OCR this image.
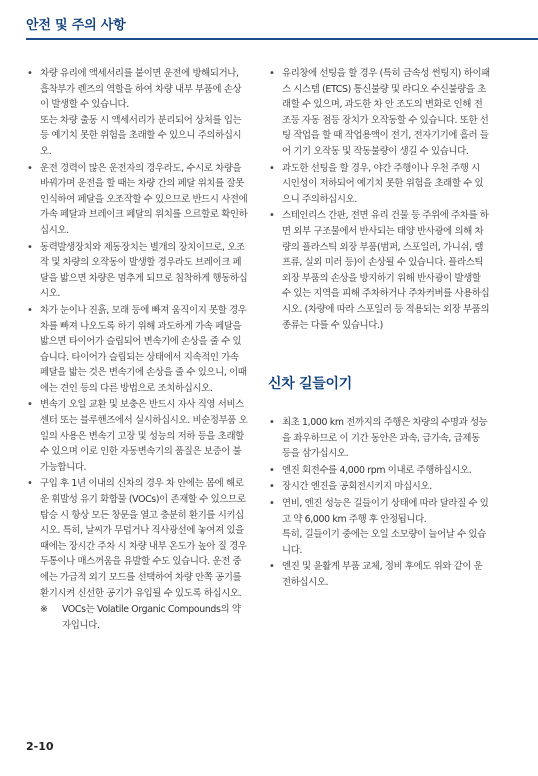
안전 및 주의 사항
• 차량 유리에 액세서리를 붙이면 운전에 방해되거나, 흡착부가 렌즈의 역할을 하여 차량 내부 부품에 손상이 발생할 수 있습니다.

또는 차량 출동 시 액세서리가 분리되어 상처를 입는 등 예기치 못한 위험을 초래할 수 있으니 주의하십시오.

• 운전 경력이 많은 운전자의 경우라도, 수시로 차량을 바꿔가며 운전을 할 때는 차량 간의 페달 위치를 잘못 인식하여 페달을 오조작할 수 있으므로 반드시 사전에 가속 페달과 브레이크 페달의 위치를 으르할로 확인하십시오.

• 동력발생장치와 제동장치는 별개의 장치이므로, 오조작 및 차량의 오작동이 발생할 경우라도 브레이크 페달을 밟으면 차량은 멈추게 되므로 침착하게 행동하십시오.

• 차가 눈이나 진흙, 모래 등에 빠져 움직이지 못할 경우 차를 빠져 나오도록 하기 위해 과도하게 가속 페달을 밟으면 타이어가 슬립되어 변속기에 손상을 줄 수 있습니다. 타이어가 슬립되는 상태에서 지속적인 가속 페달을 밟는 것은 변속기에 손상을 줄 수 있으니, 이때에는 견인 등의 다른 방법으로 조치하십시오.

• 변속기 오일 교환 및 보충은 반드시 자사 직영 서비스센터 또는 블루핸즈에서 실시하십시오. 비순정부품 오일의 사용은 변속기 고장 및 성능의 저하 등을 초래할 수 있으며 이로 인한 자동변속기의 품질은 보증이 불가능합니다.

• 구입 후 1년 이내의 신차의 경우 차 안에는 몸에 해로운 휘발성 유기 화합물 (VOCs)이 존재할 수 있으므로 탑승 시 항상 모든 창문을 열고 충분히 환기를 시키십시오. 특히, 날씨가 무덥거나 직사광선에 놓여져 있을 때에는 장시간 주차 시 차량 내부 온도가 높아 질 경우 두통이나 매스꺼움을 유발할 수도 있습니다. 운전 중에는 가급적 외기 모드를 선택하여 차량 안쪽 공기를 환기시켜 신선한 공기가 유입될 수 있도록 하십시오.

※ VOCs는 Volatile Organic Compounds의 약자입니다.
• 유리창에 선팅을 할 경우 (특히 금속성 썬팅지) 하이패스 시스템 (ETCS) 통신불량 및 라디오 수신불량을 초래할 수 있으며, 과도한 차 안 조도의 변화로 인해 전조등 자동 점등 장치가 오작동할 수 있습니다. 또한 선팅 작업을 할 때 작업용액이 전기, 전자기기에 흘러 들어 기기 오작동 및 작동불량이 생길 수 있습니다.

• 과도한 선팅을 할 경우, 야간 주행이나 우천 주행 시 시인성이 저하되어 예기치 못한 위험을 초래할 수 있으니 주의하십시오.

• 스테인리스 간판, 전면 유리 건물 등 주위에 주차를 하면 외부 구조물에서 반사되는 태양 반사광에 의해 차량의 플라스틱 외장 부품(범퍼, 스포일러, 가니쉬, 램프류, 실외 미러 등)이 손상될 수 있습니다. 플라스틱 외장 부품의 손상을 방지하기 위해 반사광이 발생할 수 있는 지역을 피해 주차하거나 주차커버를 사용하십시오. (차량에 따라 스포일러 등 적용되는 외장 부품의 종류는 다를 수 있습니다.)

신차 길들이기
• 최초 1,000 km 전까지의 주행은 차량의 수명과 성능을 좌우하므로 이 기간 동안은 과속, 급가속, 급제동 등을 삼가십시오.

• 엔진 회전수를 4,000 rpm 이내로 주행하십시오.

• 장시간 엔진을 공회전시키지 마십시오.

• 연비, 엔진 성능은 길들이기 상태에 따라 달라질 수 있고 약 6,000 km 주행 후 안정됩니다.

특히, 길들이기 중에는 오일 소모량이 늘어날 수 있습니다.

• 엔진 및 윤활계 부품 교체, 정비 후에도 위와 같이 운전하십시오.

2-10
